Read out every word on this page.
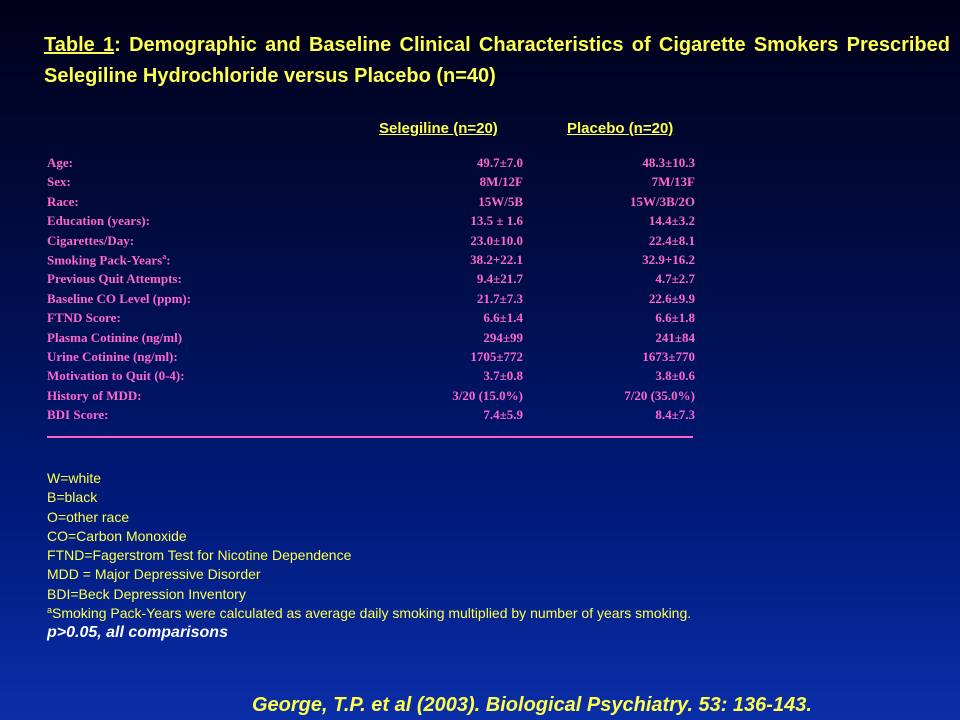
Table 1: Demographic and Baseline Clinical Characteristics of Cigarette Smokers Prescribed Selegiline Hydrochloride versus Placebo (n=40)
Selegiline (n=20)	Placebo (n=20)
Age:	49.7±7.0	48.3±10.3
Sex:	8M/12F	7M/13F
Race:	15W/5B	15W/3B/2O
Education (years):	13.5 ± 1.6	14.4±3.2
Cigarettes/Day:	23.0±10.0	22.4±8.1
Smoking Pack-Years$^a$:	38.2+22.1	32.9+16.2
Previous Quit Attempts:	9.4±21.7	4.7±2.7
Baseline CO Level (ppm):	21.7±7.3	22.6±9.9
FTND Score:	6.6±1.4	6.6±1.8
Plasma Cotinine (ng/ml)	294±99	241±84
Urine Cotinine (ng/ml):	1705±772	1673±770
Motivation to Quit (0-4):	3.7±0.8	3.8±0.6
History of MDD:	3/20 (15.0%)	7/20 (35.0%)
BDI Score:	7.4±5.9	8.4±7.3
W=white
B=black
O=other race
CO=Carbon Monoxide
FTND=Fagerstrom Test for Nicotine Dependence
MDD = Major Depressive Disorder
BDI=Beck Depression Inventory
$^a$Smoking Pack-Years were calculated as average daily smoking multiplied by number of years smoking.
p>0.05, all comparisons
George, T.P. et al (2003). Biological Psychiatry. 53: 136-143.
